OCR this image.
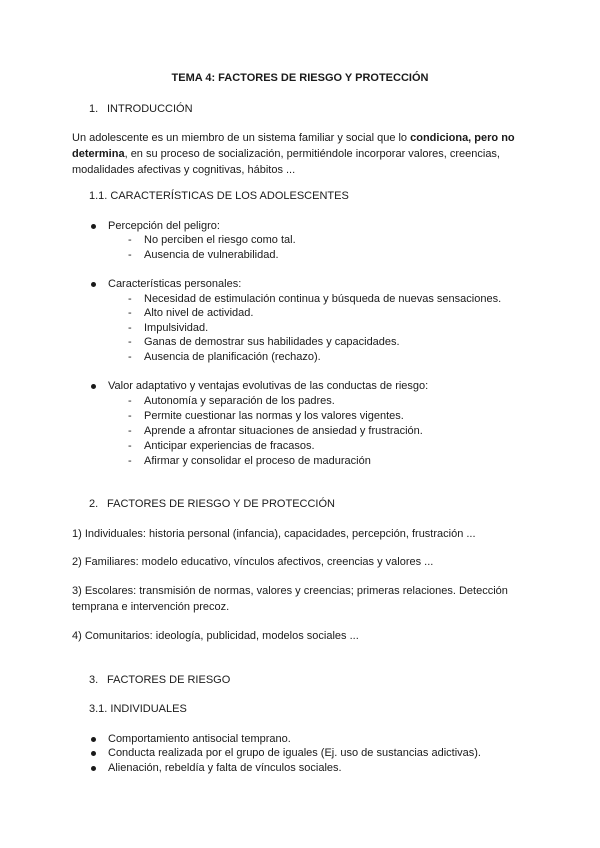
TEMA 4: FACTORES DE RIESGO Y PROTECCIÓN
1. INTRODUCCIÓN
Un adolescente es un miembro de un sistema familiar y social que lo condiciona, pero no determina, en su proceso de socialización, permitiéndole incorporar valores, creencias, modalidades afectivas y cognitivas, hábitos ...
1.1. CARACTERÍSTICAS DE LOS ADOLESCENTES
Percepción del peligro:
- No perciben el riesgo como tal.
- Ausencia de vulnerabilidad.
Características personales:
- Necesidad de estimulación continua y búsqueda de nuevas sensaciones.
- Alto nivel de actividad.
- Impulsividad.
- Ganas de demostrar sus habilidades y capacidades.
- Ausencia de planificación (rechazo).
Valor adaptativo y ventajas evolutivas de las conductas de riesgo:
- Autonomía y separación de los padres.
- Permite cuestionar las normas y los valores vigentes.
- Aprende a afrontar situaciones de ansiedad y frustración.
- Anticipar experiencias de fracasos.
- Afirmar y consolidar el proceso de maduración
2. FACTORES DE RIESGO Y DE PROTECCIÓN
1) Individuales: historia personal (infancia), capacidades, percepción, frustración ...
2) Familiares: modelo educativo, vínculos afectivos, creencias y valores ...
3) Escolares: transmisión de normas, valores y creencias; primeras relaciones. Detección temprana e intervención precoz.
4) Comunitarios: ideología, publicidad, modelos sociales ...
3. FACTORES DE RIESGO
3.1. INDIVIDUALES
Comportamiento antisocial temprano.
Conducta realizada por el grupo de iguales (Ej. uso de sustancias adictivas).
Alienación, rebeldía y falta de vínculos sociales.
